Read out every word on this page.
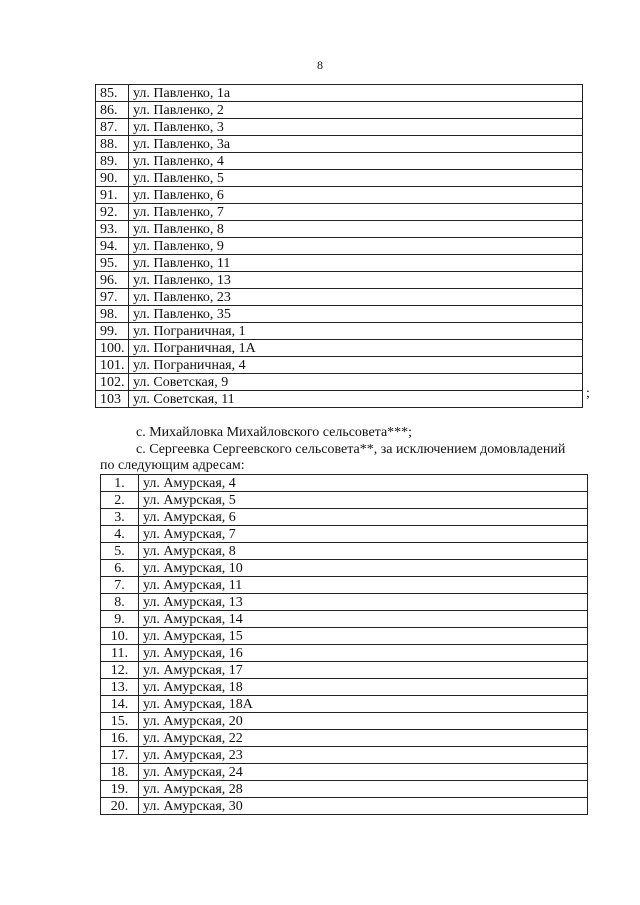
8
85.	ул. Павленко, 1а
86.	ул. Павленко, 2
87.	ул. Павленко, 3
88.	ул. Павленко, 3а
89.	ул. Павленко, 4
90.	ул. Павленко, 5
91.	ул. Павленко, 6
92.	ул. Павленко, 7
93.	ул. Павленко, 8
94.	ул. Павленко, 9
95.	ул. Павленко, 11
96.	ул. Павленко, 13
97.	ул. Павленко, 23
98.	ул. Павленко, 35
99.	ул. Пограничная, 1
100.	ул. Пограничная, 1А
101.	ул. Пограничная, 4
102.	ул. Советская, 9
103	ул. Советская, 11	;
с. Михайловка Михайловского сельсовета***;
с. Сергеевка Сергеевского сельсовета**, за исключением домовладений
по следующим адресам:
1.	ул. Амурская, 4
2.	ул. Амурская, 5
3.	ул. Амурская, 6
4.	ул. Амурская, 7
5.	ул. Амурская, 8
6.	ул. Амурская, 10
7.	ул. Амурская, 11
8.	ул. Амурская, 13
9.	ул. Амурская, 14
10.	ул. Амурская, 15
11.	ул. Амурская, 16
12.	ул. Амурская, 17
13.	ул. Амурская, 18
14.	ул. Амурская, 18А
15.	ул. Амурская, 20
16.	ул. Амурская, 22
17.	ул. Амурская, 23
18.	ул. Амурская, 24
19.	ул. Амурская, 28
20.	ул. Амурская, 30
